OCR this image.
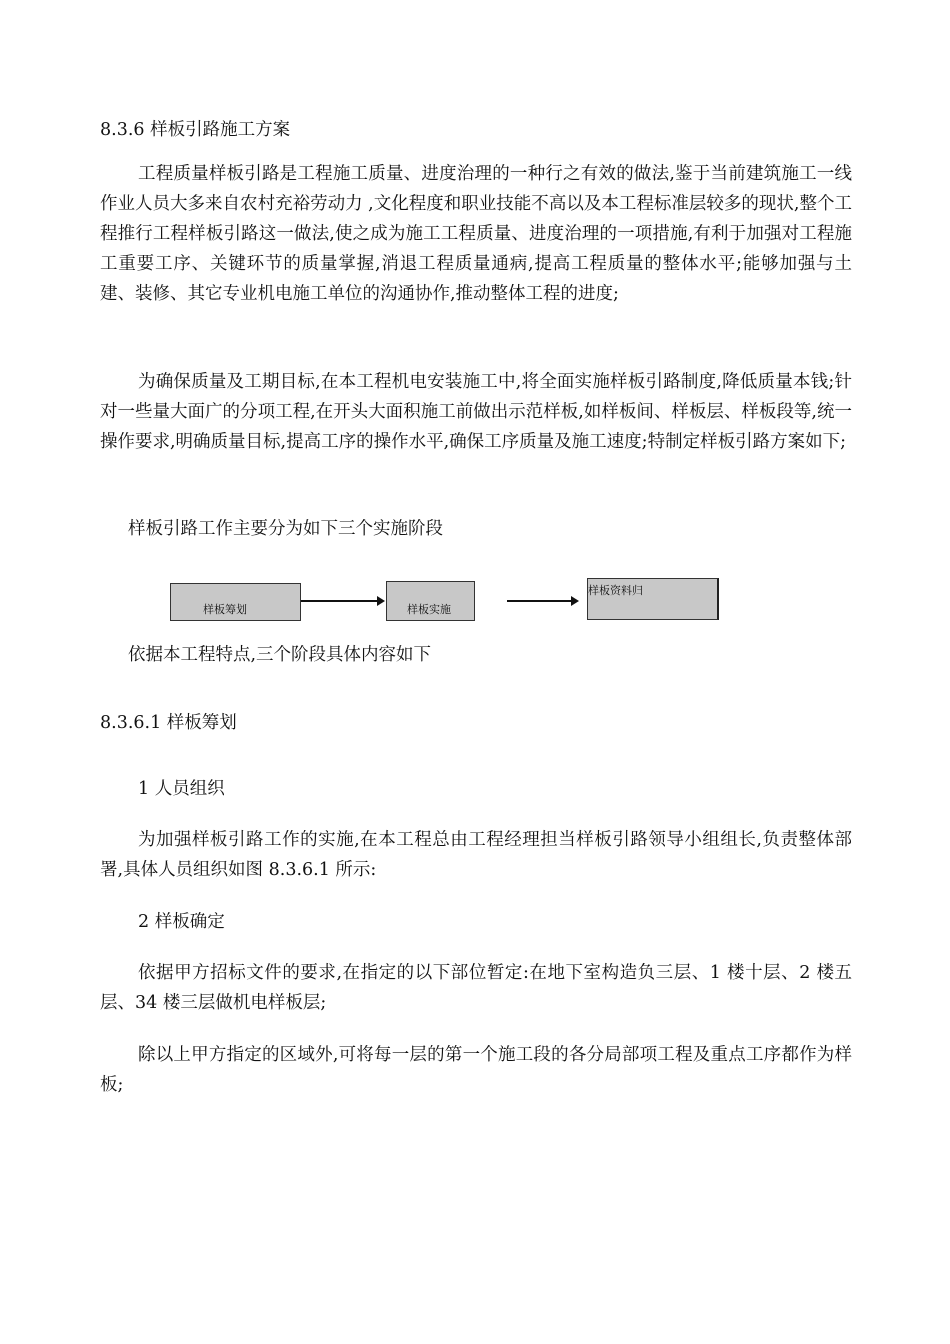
8.3.6 样板引路施工方案
工程质量样板引路是工程施工质量、进度治理的一种行之有效的做法,鉴于当前建筑施工一线作业人员大多来自农村充裕劳动力 ,文化程度和职业技能不高以及本工程标准层较多的现状,整个工程推行工程样板引路这一做法,使之成为施工工程质量、进度治理的一项措施,有利于加强对工程施工重要工序、关键环节的质量掌握,消退工程质量通病,提高工程质量的整体水平;能够加强与土建、装修、其它专业机电施工单位的沟通协作,推动整体工程的进度;
为确保质量及工期目标,在本工程机电安装施工中,将全面实施样板引路制度,降低质量本钱;针对一些量大面广的分项工程,在开头大面积施工前做出示范样板,如样板间、样板层、样板段等,统一操作要求,明确质量目标,提高工序的操作水平,确保工序质量及施工速度;特制定样板引路方案如下;
样板引路工作主要分为如下三个实施阶段
样板筹划	样板实施
样板资料归
依据本工程特点,三个阶段具体内容如下
8.3.6.1 样板筹划
1 人员组织
为加强样板引路工作的实施,在本工程总由工程经理担当样板引路领导小组组长,负责整体部署,具体人员组织如图 8.3.6.1 所示:
2 样板确定
依据甲方招标文件的要求,在指定的以下部位暂定:在地下室构造负三层、1 楼十层、2 楼五层、34 楼三层做机电样板层;
除以上甲方指定的区域外,可将每一层的第一个施工段的各分局部项工程及重点工序都作为样板;
